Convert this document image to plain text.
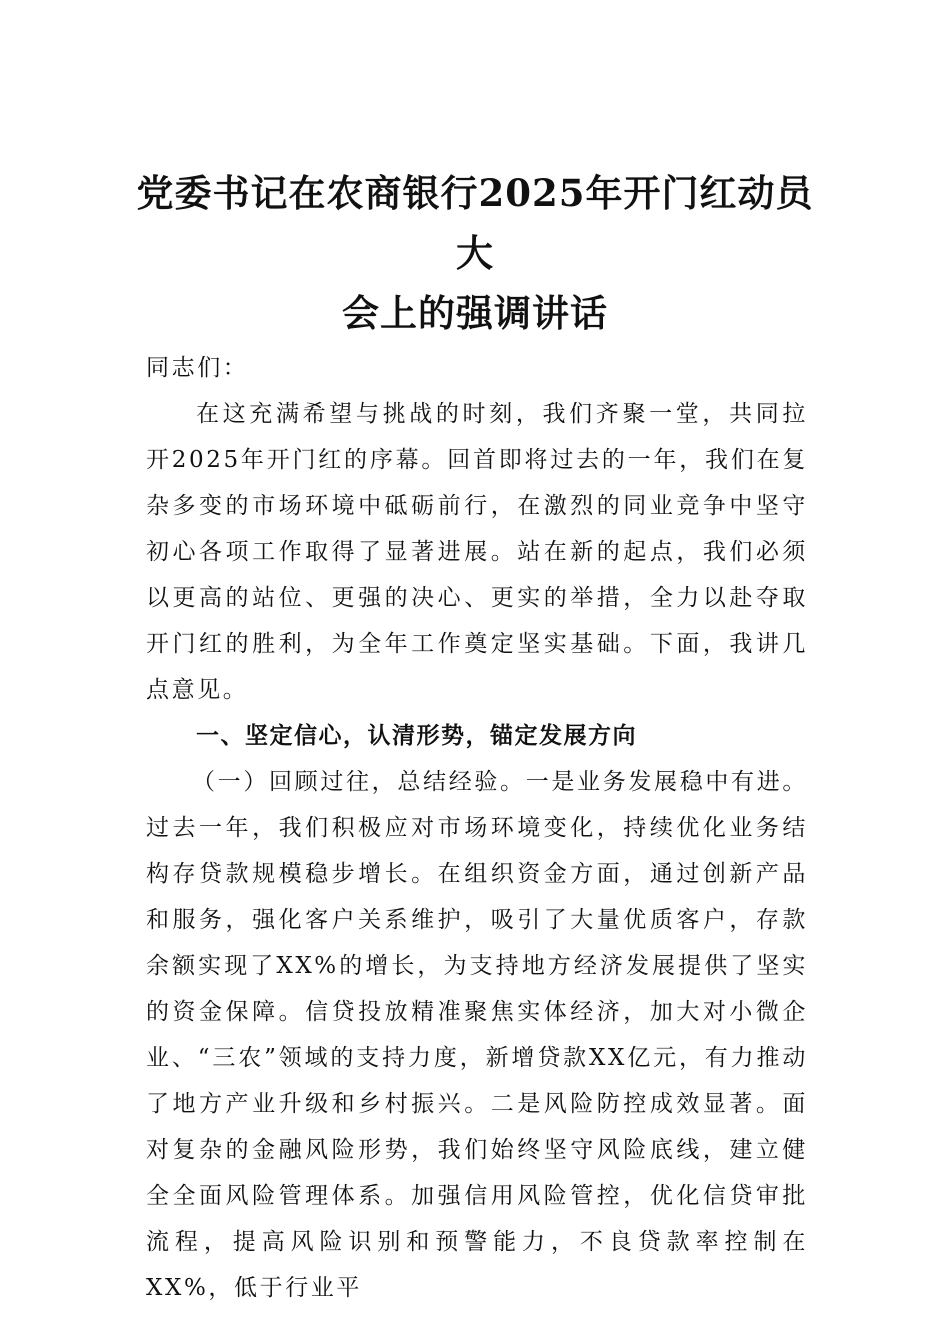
党委书记在农商银行2025年开门红动员大
会上的强调讲话

同志们：

在这充满希望与挑战的时刻，我们齐聚一堂，共同拉开2025年开门红的序幕。回首即将过去的一年，我们在复杂多变的市场环境中砥砺前行，在激烈的同业竞争中坚守初心各项工作取得了显著进展。站在新的起点，我们必须以更高的站位、更强的决心、更实的举措，全力以赴夺取开门红的胜利，为全年工作奠定坚实基础。下面，我讲几点意见。

一、坚定信心，认清形势，锚定发展方向

（一）回顾过往，总结经验。一是业务发展稳中有进。过去一年，我们积极应对市场环境变化，持续优化业务结构存贷款规模稳步增长。在组织资金方面，通过创新产品和服务，强化客户关系维护，吸引了大量优质客户，存款余额实现了XX%的增长，为支持地方经济发展提供了坚实的资金保障。信贷投放精准聚焦实体经济，加大对小微企业、“三农”领域的支持力度，新增贷款XX亿元，有力推动了地方产业升级和乡村振兴。二是风险防控成效显著。面对复杂的金融风险形势，我们始终坚守风险底线，建立健全全面风险管理体系。加强信用风险管控，优化信贷审批流程，提高风险识别和预警能力，不良贷款率控制在XX%，低于行业平
